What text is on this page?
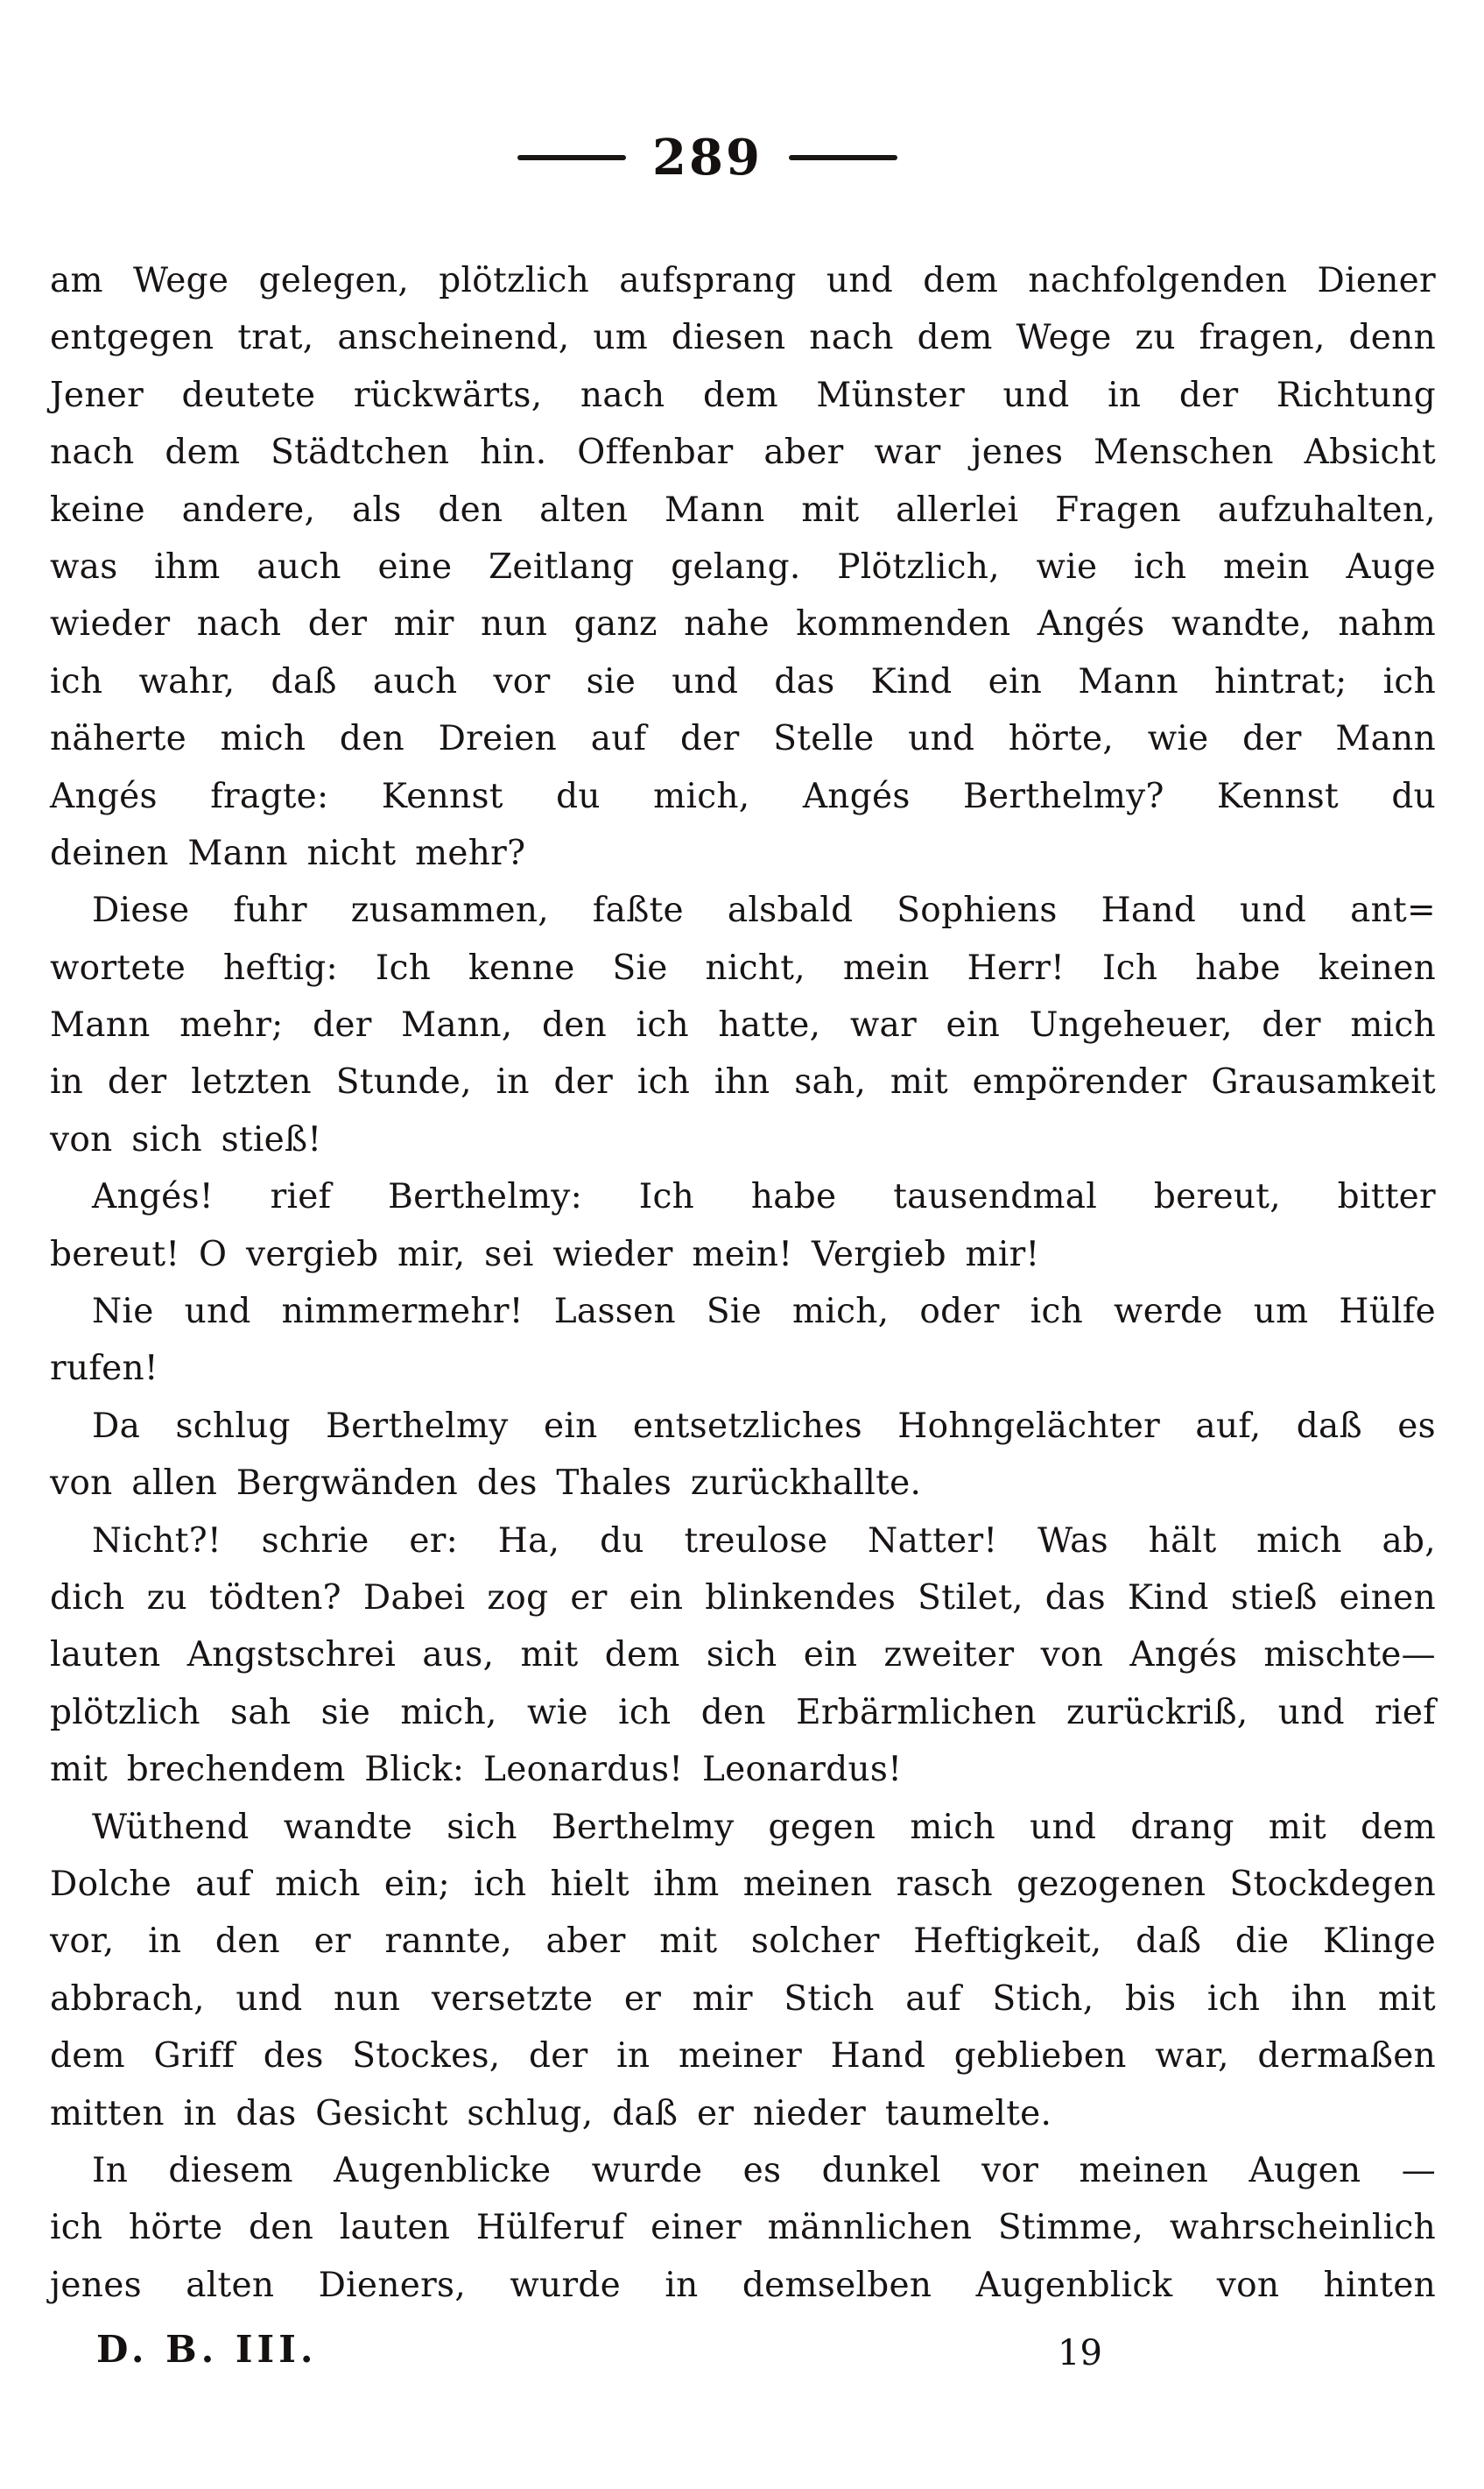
289
am Wege gelegen, plötzlich aufsprang und dem nachfolgenden Diener
entgegen trat, anscheinend, um diesen nach dem Wege zu fragen, denn
Jener deutete rückwärts, nach dem Münster und in der Richtung
nach dem Städtchen hin. Offenbar aber war jenes Menschen Absicht
keine andere, als den alten Mann mit allerlei Fragen aufzuhalten,
was ihm auch eine Zeitlang gelang. Plötzlich, wie ich mein Auge
wieder nach der mir nun ganz nahe kommenden Angés wandte, nahm
ich wahr, daß auch vor sie und das Kind ein Mann hintrat; ich
näherte mich den Dreien auf der Stelle und hörte, wie der Mann
Angés fragte: Kennst du mich, Angés Berthelmy? Kennst du
deinen Mann nicht mehr?
Diese fuhr zusammen, faßte alsbald Sophiens Hand und ant=
wortete heftig: Ich kenne Sie nicht, mein Herr! Ich habe keinen
Mann mehr; der Mann, den ich hatte, war ein Ungeheuer, der mich
in der letzten Stunde, in der ich ihn sah, mit empörender Grausamkeit
von sich stieß!
Angés! rief Berthelmy: Ich habe tausendmal bereut, bitter
bereut! O vergieb mir, sei wieder mein! Vergieb mir!
Nie und nimmermehr! Lassen Sie mich, oder ich werde um Hülfe
rufen!
Da schlug Berthelmy ein entsetzliches Hohngelächter auf, daß es
von allen Bergwänden des Thales zurückhallte.
Nicht?! schrie er: Ha, du treulose Natter! Was hält mich ab,
dich zu tödten? Dabei zog er ein blinkendes Stilet, das Kind stieß einen
lauten Angstschrei aus, mit dem sich ein zweiter von Angés mischte—
plötzlich sah sie mich, wie ich den Erbärmlichen zurückriß, und rief
mit brechendem Blick: Leonardus! Leonardus!
Wüthend wandte sich Berthelmy gegen mich und drang mit dem
Dolche auf mich ein; ich hielt ihm meinen rasch gezogenen Stockdegen
vor, in den er rannte, aber mit solcher Heftigkeit, daß die Klinge
abbrach, und nun versetzte er mir Stich auf Stich, bis ich ihn mit
dem Griff des Stockes, der in meiner Hand geblieben war, dermaßen
mitten in das Gesicht schlug, daß er nieder taumelte.
In diesem Augenblicke wurde es dunkel vor meinen Augen —
ich hörte den lauten Hülferuf einer männlichen Stimme, wahrscheinlich
jenes alten Dieners, wurde in demselben Augenblick von hinten
D. B. III.	19
